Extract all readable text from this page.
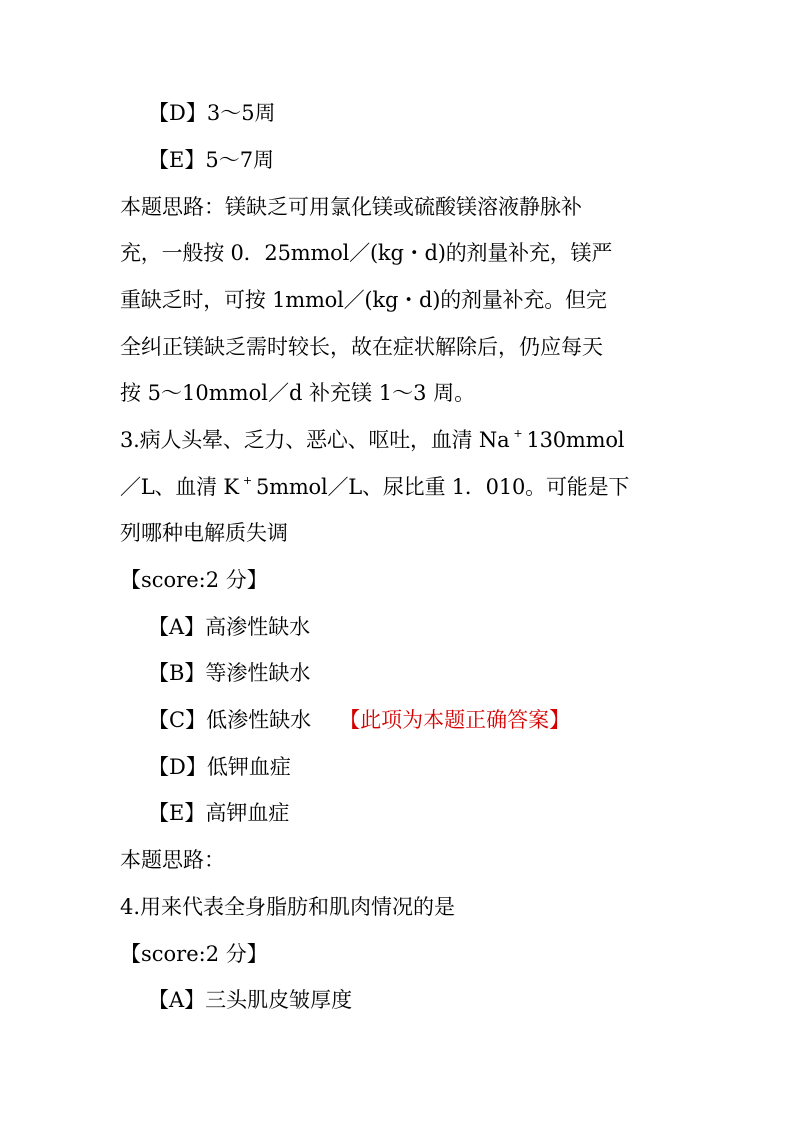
【D】3～5周
【E】5～7周
本题思路：镁缺乏可用氯化镁或硫酸镁溶液静脉补
充，一般按 0．25mmol／(kg・d)的剂量补充，镁严
重缺乏时，可按 1mmol／(kg・d)的剂量补充。但完
全纠正镁缺乏需时较长，故在症状解除后，仍应每天
按 5～10mmol／d 补充镁 1～3 周。
3.病人头晕、乏力、恶心、呕吐，血清 Na + 130mmol
／L、血清 K + 5mmol／L、尿比重 1．010。可能是下
列哪种电解质失调
【score:2 分】
【A】高渗性缺水
【B】等渗性缺水
【C】低渗性缺水 【此项为本题正确答案】
【D】低钾血症
【E】高钾血症
本题思路：
4.用来代表全身脂肪和肌肉情况的是
【score:2 分】
【A】三头肌皮皱厚度
